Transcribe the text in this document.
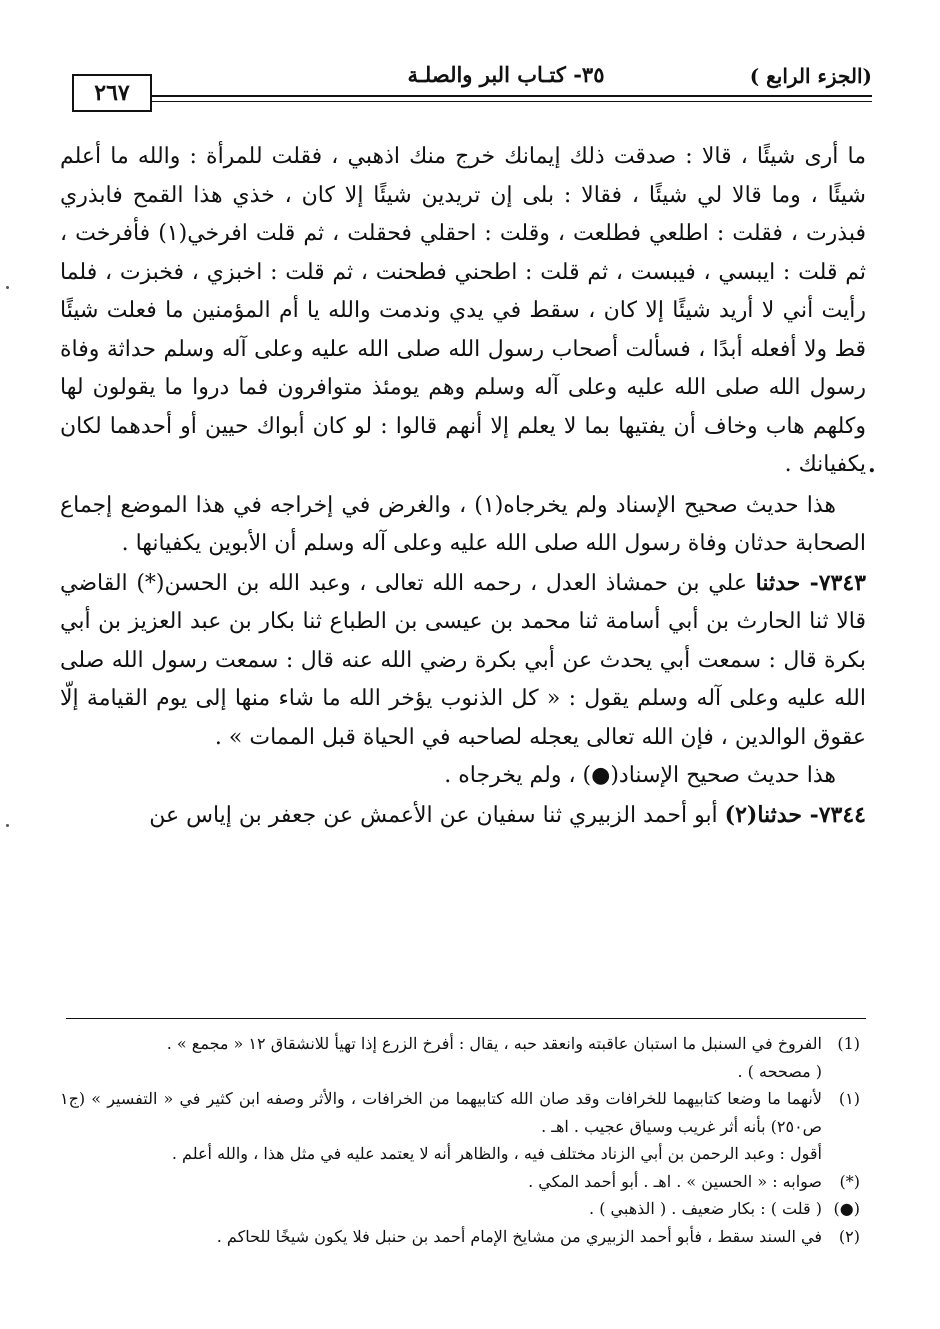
(الجزء الرابع )
٣٥- كتـاب البر والصلـة
٢٦٧

ما أرى شيئًا ، قالا : صدقت ذلك إيمانك خرج منك اذهبي ، فقلت للمرأة : والله ما أعلم شيئًا ، وما قالا لي شيئًا ، فقالا : بلى إن تريدين شيئًا إلا كان ، خذي هذا القمح فابذري فبذرت ، فقلت : اطلعي فطلعت ، وقلت : احقلي فحقلت ، ثم قلت افرخي(١) فأفرخت ، ثم قلت : ايبسي ، فيبست ، ثم قلت : اطحني فطحنت ، ثم قلت : اخبزي ، فخبزت ، فلما رأيت أني لا أريد شيئًا إلا كان ، سقط في يدي وندمت والله يا أم المؤمنين ما فعلت شيئًا قط ولا أفعله أبدًا ، فسألت أصحاب رسول الله صلى الله عليه وعلى آله وسلم حداثة وفاة رسول الله صلى الله عليه وعلى آله وسلم وهم يومئذ متوافرون فما دروا ما يقولون لها وكلهم هاب وخاف أن يفتيها بما لا يعلم إلا أنهم قالوا : لو كان أبواك حيين أو أحدهما لكان يكفيانك .

هذا حديث صحيح الإسناد ولم يخرجاه(١) ، والغرض في إخراجه في هذا الموضع إجماع الصحابة حدثان وفاة رسول الله صلى الله عليه وعلى آله وسلم أن الأبوين يكفيانها .

٧٣٤٣- حدثنا علي بن حمشاذ العدل ، رحمه الله تعالى ، وعبد الله بن الحسن(*) القاضي قالا ثنا الحارث بن أبي أسامة ثنا محمد بن عيسى بن الطباع ثنا بكار بن عبد العزيز بن أبي بكرة قال : سمعت أبي يحدث عن أبي بكرة رضي الله عنه قال : سمعت رسول الله صلى الله عليه وعلى آله وسلم يقول : « كل الذنوب يؤخر الله ما شاء منها إلى يوم القيامة إلّا عقوق الوالدين ، فإن الله تعالى يعجله لصاحبه في الحياة قبل الممات » .

هذا حديث صحيح الإسناد(●) ، ولم يخرجاه .

٧٣٤٤- حدثنا(٢) أبو أحمد الزبيري ثنا سفيان عن الأعمش عن جعفر بن إياس عن

.
(1)
الفروخ في السنبل ما استبان عاقبته وانعقد حبه ، يقال : أفرخ الزرع إذا تهيأ للانشقاق ١٢ « مجمع » .
( مصححه ) .
(١)
لأنهما ما وضعا كتابيهما للخرافات وقد صان الله كتابيهما من الخرافات ، والأثر وصفه ابن كثير في « التفسير » (ج١ ص٢٥٠) بأنه أثر غريب وسياق عجيب . اهـ .
أقول : وعبد الرحمن بن أبي الزناد مختلف فيه ، والظاهر أنه لا يعتمد عليه في مثل هذا ، والله أعلم .
(*)
صوابه : « الحسين » . اهـ . أبو أحمد المكي .
(●)
( قلت ) : بكار ضعيف . ( الذهبي ) .
(٢)
في السند سقط ، فأبو أحمد الزبيري من مشايخ الإمام أحمد بن حنبل فلا يكون شيخًا للحاكم .
